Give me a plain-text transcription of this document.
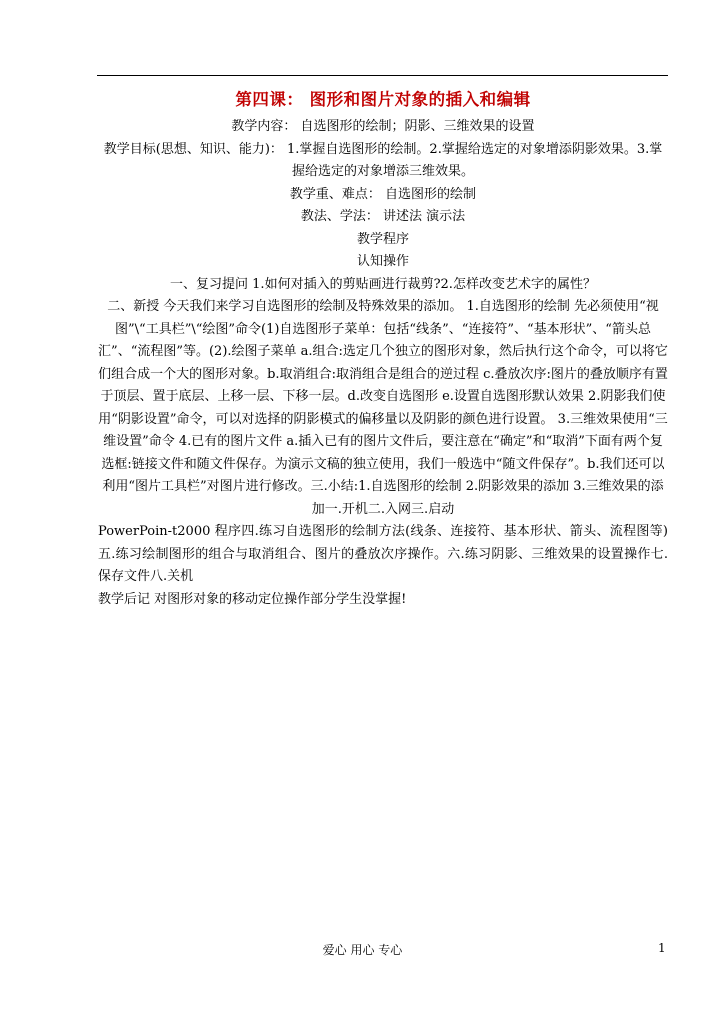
第四课： 图形和图片对象的插入和编辑
教学内容： 自选图形的绘制；阴影、三维效果的设置
教学目标(思想、知识、能力)： 1.掌握自选图形的绘制。2.掌握给选定的对象增添阴影效果。3.掌握给选定的对象增添三维效果。
教学重、难点： 自选图形的绘制
教法、学法： 讲述法 演示法
教学程序
认知操作
一、复习提问 1.如何对插入的剪贴画进行裁剪?2.怎样改变艺术字的属性？
二、新授 今天我们来学习自选图形的绘制及特殊效果的添加。 1.自选图形的绘制 先必须使用“视图”\“工具栏”\“绘图”命令(1)自选图形子菜单：包括“线条”、“连接符”、“基本形状”、“箭头总汇”、“流程图”等。(2).绘图子菜单 a.组合:选定几个独立的图形对象，然后执行这个命令，可以将它们组合成一个大的图形对象。b.取消组合:取消组合是组合的逆过程 c.叠放次序:图片的叠放顺序有置于顶层、置于底层、上移一层、下移一层。d.改变自选图形 e.设置自选图形默认效果 2.阴影我们使用“阴影设置”命令，可以对选择的阴影模式的偏移量以及阴影的颜色进行设置。 3.三维效果使用“三维设置”命令 4.已有的图片文件 a.插入已有的图片文件后，要注意在“确定”和“取消”下面有两个复选框:链接文件和随文件保存。为演示文稿的独立使用，我们一般选中“随文件保存”。b.我们还可以利用“图片工具栏”对图片进行修改。三.小结:1.自选图形的绘制 2.阴影效果的添加 3.三维效果的添加一.开机二.入网三.启动
PowerPoin-t2000 程序四.练习自选图形的绘制方法(线条、连接符、基本形状、箭头、流程图等)五.练习绘制图形的组合与取消组合、图片的叠放次序操作。六.练习阴影、三维效果的设置操作七.保存文件八.关机
教学后记 对图形对象的移动定位操作部分学生没掌握!
爱心 用心 专心	1
